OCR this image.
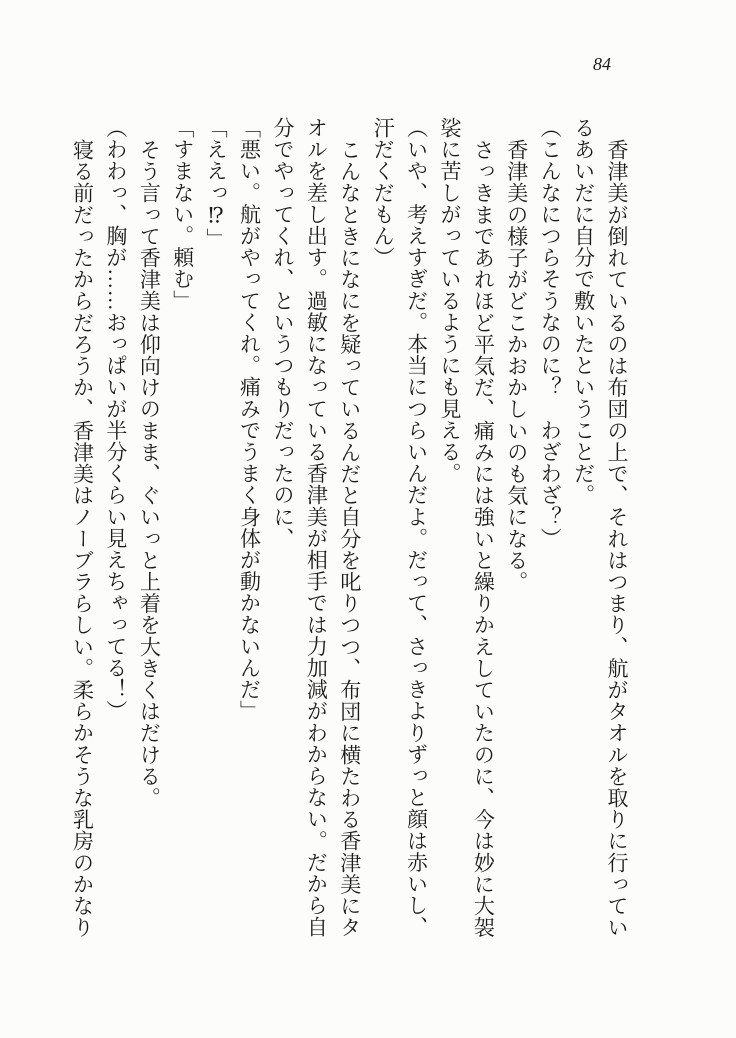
84

香津美が倒れているのは布団の上で、それはつまり、航がタオルを取りに行ってい

るあいだに自分で敷いたということだ。

（こんなにつらそうなのに？　わざわざ？）

香津美の様子がどこかおかしいのも気になる。

さっきまであれほど平気だ、痛みには強いと繰りかえしていたのに、今は妙に大袈

裟に苦しがっているようにも見える。

（いや、考えすぎだ。本当につらいんだよ。だって、さっきよりずっと顔は赤いし、

汗だくだもん）

こんなときになにを疑っているんだと自分を叱りつつ、布団に横たわる香津美にタ

オルを差し出す。過敏になっている香津美が相手では力加減がわからない。だから自

分でやってくれ、というつもりだったのに、

「悪い。航がやってくれ。痛みでうまく身体が動かないんだ」

「ええっ⁉」

「すまない。頼む」

そう言って香津美は仰向けのまま、ぐいっと上着を大きくはだける。

（わわっ、胸が……おっぱいが半分くらい見えちゃってる！）

寝る前だったからだろうか、香津美はノーブラらしい。柔らかそうな乳房のかなり
